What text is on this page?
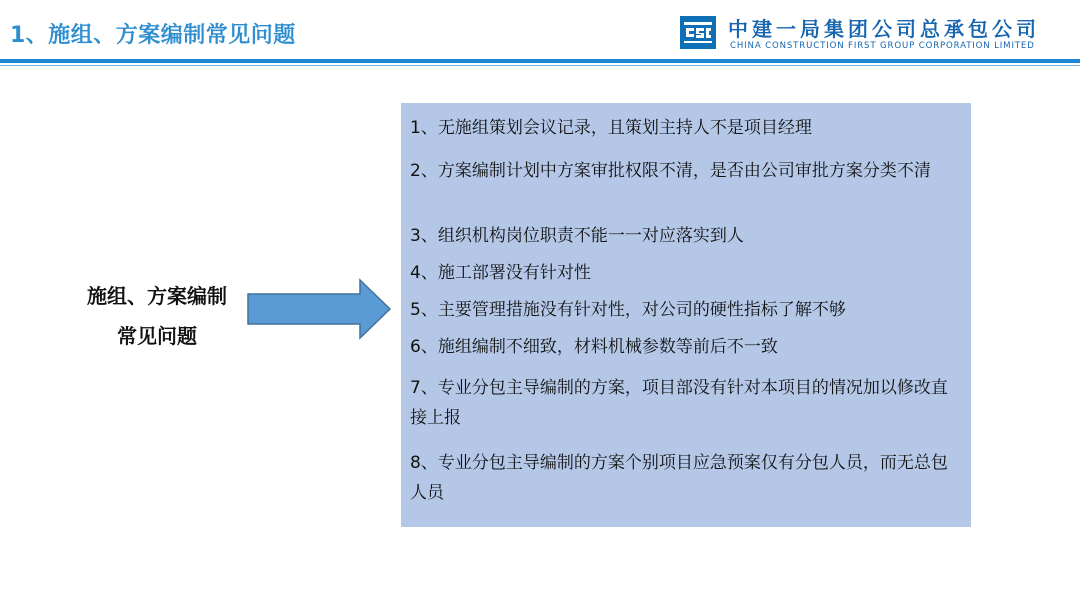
1、施组、方案编制常见问题	中建一局集团公司总承包公司
CHINA CONSTRUCTION FIRST GROUP CORPORATION LIMITED
施组、方案编制
常见问题
1、无施组策划会议记录，且策划主持人不是项目经理
2、方案编制计划中方案审批权限不清，是否由公司审批方案分类不清
3、组织机构岗位职责不能一一对应落实到人
4、施工部署没有针对性
5、主要管理措施没有针对性，对公司的硬性指标了解不够
6、施组编制不细致，材料机械参数等前后不一致
7、专业分包主导编制的方案，项目部没有针对本项目的情况加以修改直接上报
8、专业分包主导编制的方案个别项目应急预案仅有分包人员，而无总包人员
